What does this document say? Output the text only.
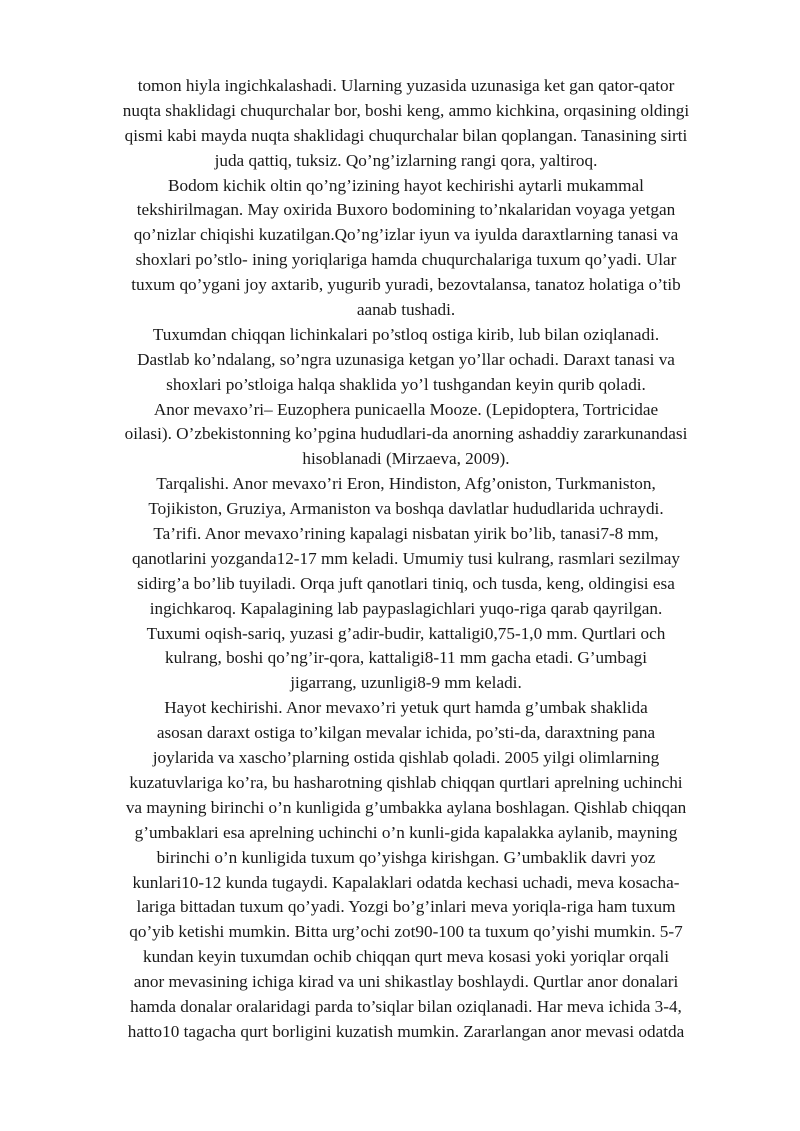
tomon hiyla ingichkalashadi. Ularning yuzasida uzunasiga ket gan qator-qator
nuqta shaklidagi chuqurchalar bor, boshi keng, ammo kichkina, orqasining oldingi
qismi kabi mayda nuqta shaklidagi chuqurchalar bilan qoplangan. Tanasining sirti
juda qattiq, tuksiz. Qo’ng’izlarning rangi qora, yaltiroq.
Bodom kichik oltin qo’ng’izining hayot kechirishi aytarli mukammal
tekshirilmagan. May oxirida Buxoro bodomining to’nkalaridan voyaga yetgan
qo’nizlar chiqishi kuzatilgan.Qo’ng’izlar iyun va iyulda daraxtlarning tanasi va
shoxlari po’stlo- ining yoriqlariga hamda chuqurchalariga tuxum qo’yadi. Ular
tuxum qo’ygani joy axtarib, yugurib yuradi, bezovtalansa, tanatoz holatiga o’tib
aanab tushadi.
Tuxumdan chiqqan lichinkalari po’stloq ostiga kirib, lub bilan oziqlanadi.
Dastlab ko’ndalang, so’ngra uzunasiga ketgan yo’llar ochadi. Daraxt tanasi va
shoxlari po’stloiga halqa shaklida yo’l tushgandan keyin qurib qoladi.
Anor mevaxo’ri– Euzophera punicaella Mooze. (Lepidoptera, Tortricidae
oilasi). O’zbekistonning ko’pgina hududlari-da anorning ashaddiy zararkunandasi
hisoblanadi (Mirzaeva, 2009).
Tarqalishi. Anor mevaxo’ri Eron, Hindiston, Afg’oniston, Turkmaniston,
Tojikiston, Gruziya, Armaniston va boshqa davlatlar hududlarida uchraydi.
Ta’rifi. Anor mevaxo’rining kapalagi nisbatan yirik bo’lib, tanasi7-8 mm,
qanotlarini yozganda12-17 mm keladi. Umumiy tusi kulrang, rasmlari sezilmay
sidirg’a bo’lib tuyiladi. Orqa juft qanotlari tiniq, och tusda, keng, oldingisi esa
ingichkaroq. Kapalagining lab paypaslagichlari yuqo-riga qarab qayrilgan.
Tuxumi oqish-sariq, yuzasi g’adir-budir, kattaligi0,75-1,0 mm. Qurtlari och
kulrang, boshi qo’ng’ir-qora, kattaligi8-11 mm gacha etadi. G’umbagi
jigarrang, uzunligi8-9 mm keladi.
Hayot kechirishi. Anor mevaxo’ri yetuk qurt hamda g’umbak shaklida
asosan daraxt ostiga to’kilgan mevalar ichida, po’sti-da, daraxtning pana
joylarida va xascho’plarning ostida qishlab qoladi. 2005 yilgi olimlarning
kuzatuvlariga ko’ra, bu hasharotning qishlab chiqqan qurtlari aprelning uchinchi
va mayning birinchi o’n kunligida g’umbakka aylana boshlagan. Qishlab chiqqan
g’umbaklari esa aprelning uchinchi o’n kunli-gida kapalakka aylanib, mayning
birinchi o’n kunligida tuxum qo’yishga kirishgan. G’umbaklik davri yoz
kunlari10-12 kunda tugaydi. Kapalaklari odatda kechasi uchadi, meva kosacha-
lariga bittadan tuxum qo’yadi. Yozgi bo’g’inlari meva yoriqla-riga ham tuxum
qo’yib ketishi mumkin. Bitta urg’ochi zot90-100 ta tuxum qo’yishi mumkin. 5-7
kundan keyin tuxumdan ochib chiqqan qurt meva kosasi yoki yoriqlar orqali
anor mevasining ichiga kirad va uni shikastlay boshlaydi. Qurtlar anor donalari
hamda donalar oralaridagi parda to’siqlar bilan oziqlanadi. Har meva ichida 3-4,
hatto10 tagacha qurt borligini kuzatish mumkin. Zararlangan anor mevasi odatda
